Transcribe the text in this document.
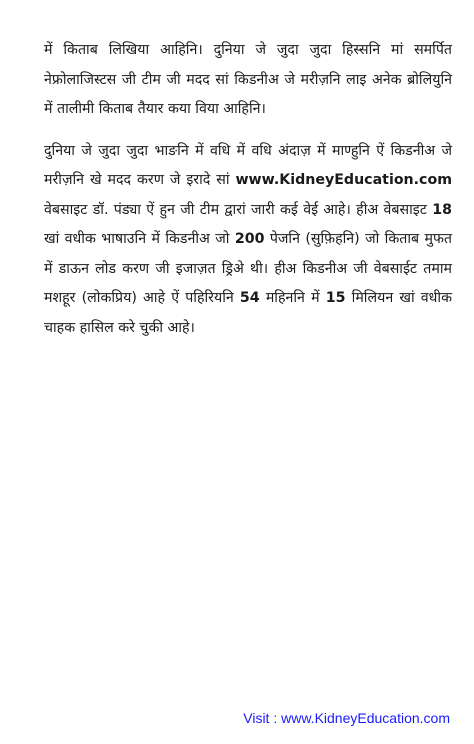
में किताब लिखिया आहिनि। दुनिया जे जुदा जुदा हिस्सनि मां समर्पित नेफ्रोलाजिस्टस जी टीम जी मदद सां किडनीअ जे मरीज़नि लाइ अनेक ब्रोलियुनि में तालीमी किताब तैयार कया विया आहिनि।

दुनिया जे जुदा जुदा भाङनि में वधि में वधि अंदाज़ में माण्हुनि ऐं किडनीअ जे मरीज़नि खे मदद करण जे इरादे सां www.KidneyEducation.com वेबसाइट डॉ. पंड्या ऐं हुन जी टीम द्वारां जारी कई वेई आहे। हीअ वेबसाइट 18 खां वधीक भाषाउनि में किडनीअ जो 200 पेजनि (सुफ़िहनि) जो किताब मुफत में डाऊन लोड करण जी इजाज़त ड्रिअे थी। हीअ किडनीअ जी वेबसाईट तमाम मशहूर (लोकप्रिय) आहे ऐं पहिरियनि 54 महिननि में 15 मिलियन खां वधीक चाहक हासिल करे चुकी आहे।

Visit : www.KidneyEducation.com
